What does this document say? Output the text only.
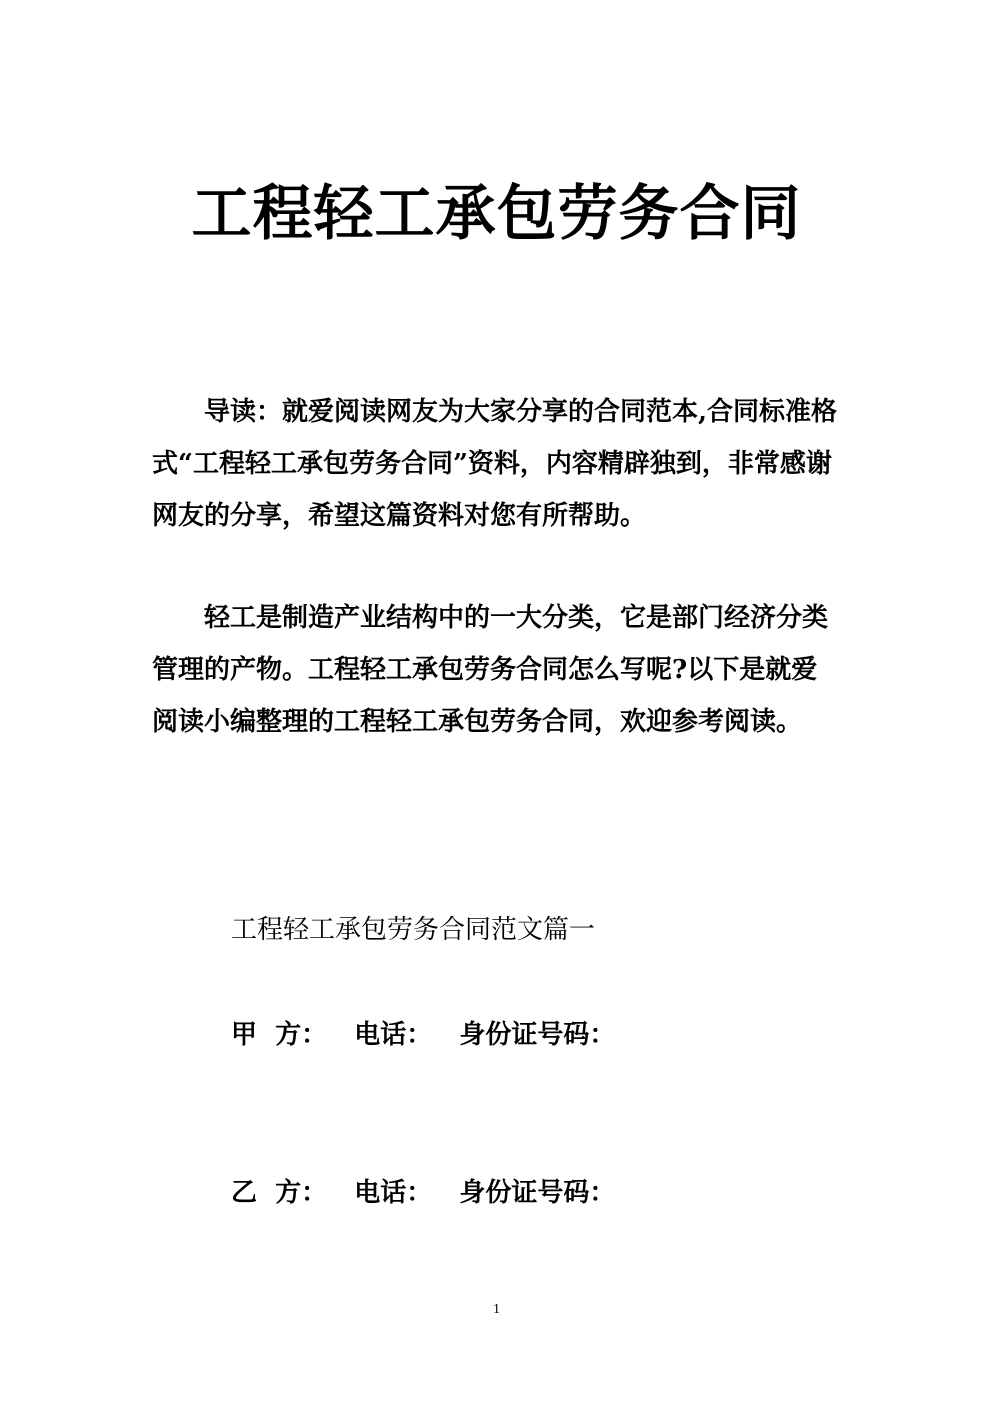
工程轻工承包劳务合同

导读：就爱阅读网友为大家分享的合同范本,合同标准格式“工程轻工承包劳务合同”资料，内容精辟独到，非常感谢网友的分享，希望这篇资料对您有所帮助。

轻工是制造产业结构中的一大分类，它是部门经济分类管理的产物。工程轻工承包劳务合同怎么写呢?以下是就爱阅读小编整理的工程轻工承包劳务合同，欢迎参考阅读。

工程轻工承包劳务合同范文篇一

甲  方：   电话：   身份证号码：

乙  方：   电话：   身份证号码：

1
